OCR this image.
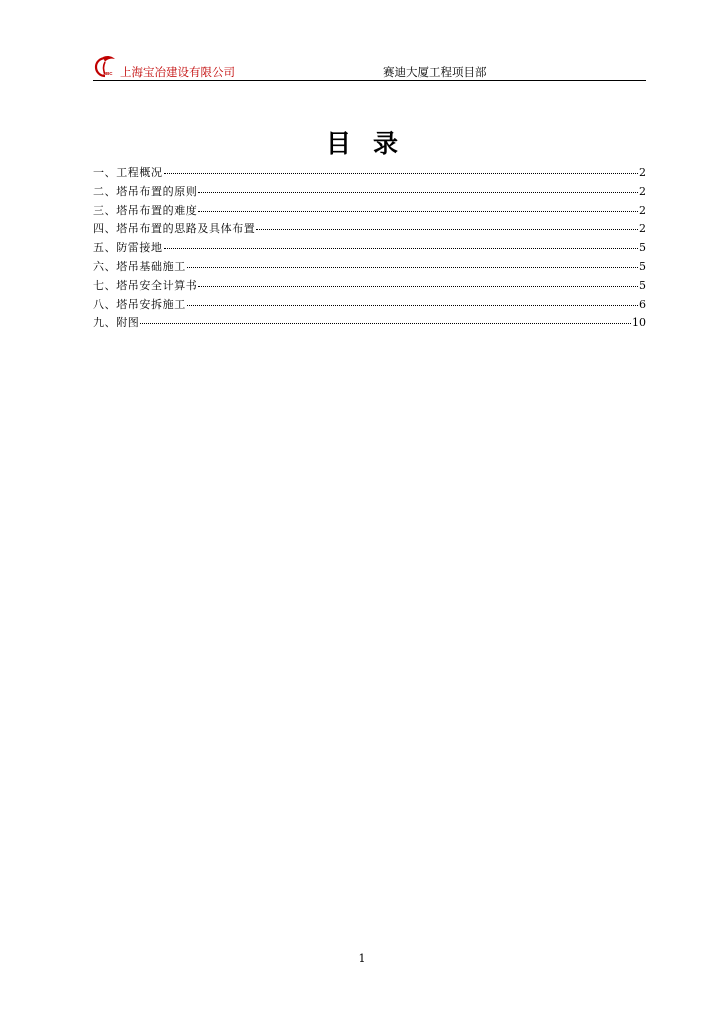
SBC 上海宝冶建设有限公司	赛迪大厦工程项目部
目录
一、工程概况	2
二、塔吊布置的原则	2
三、塔吊布置的难度	2
四、塔吊布置的思路及具体布置	2
五、防雷接地	5
六、塔吊基础施工	5
七、塔吊安全计算书	5
八、塔吊安拆施工	6
九、附图	10
1
